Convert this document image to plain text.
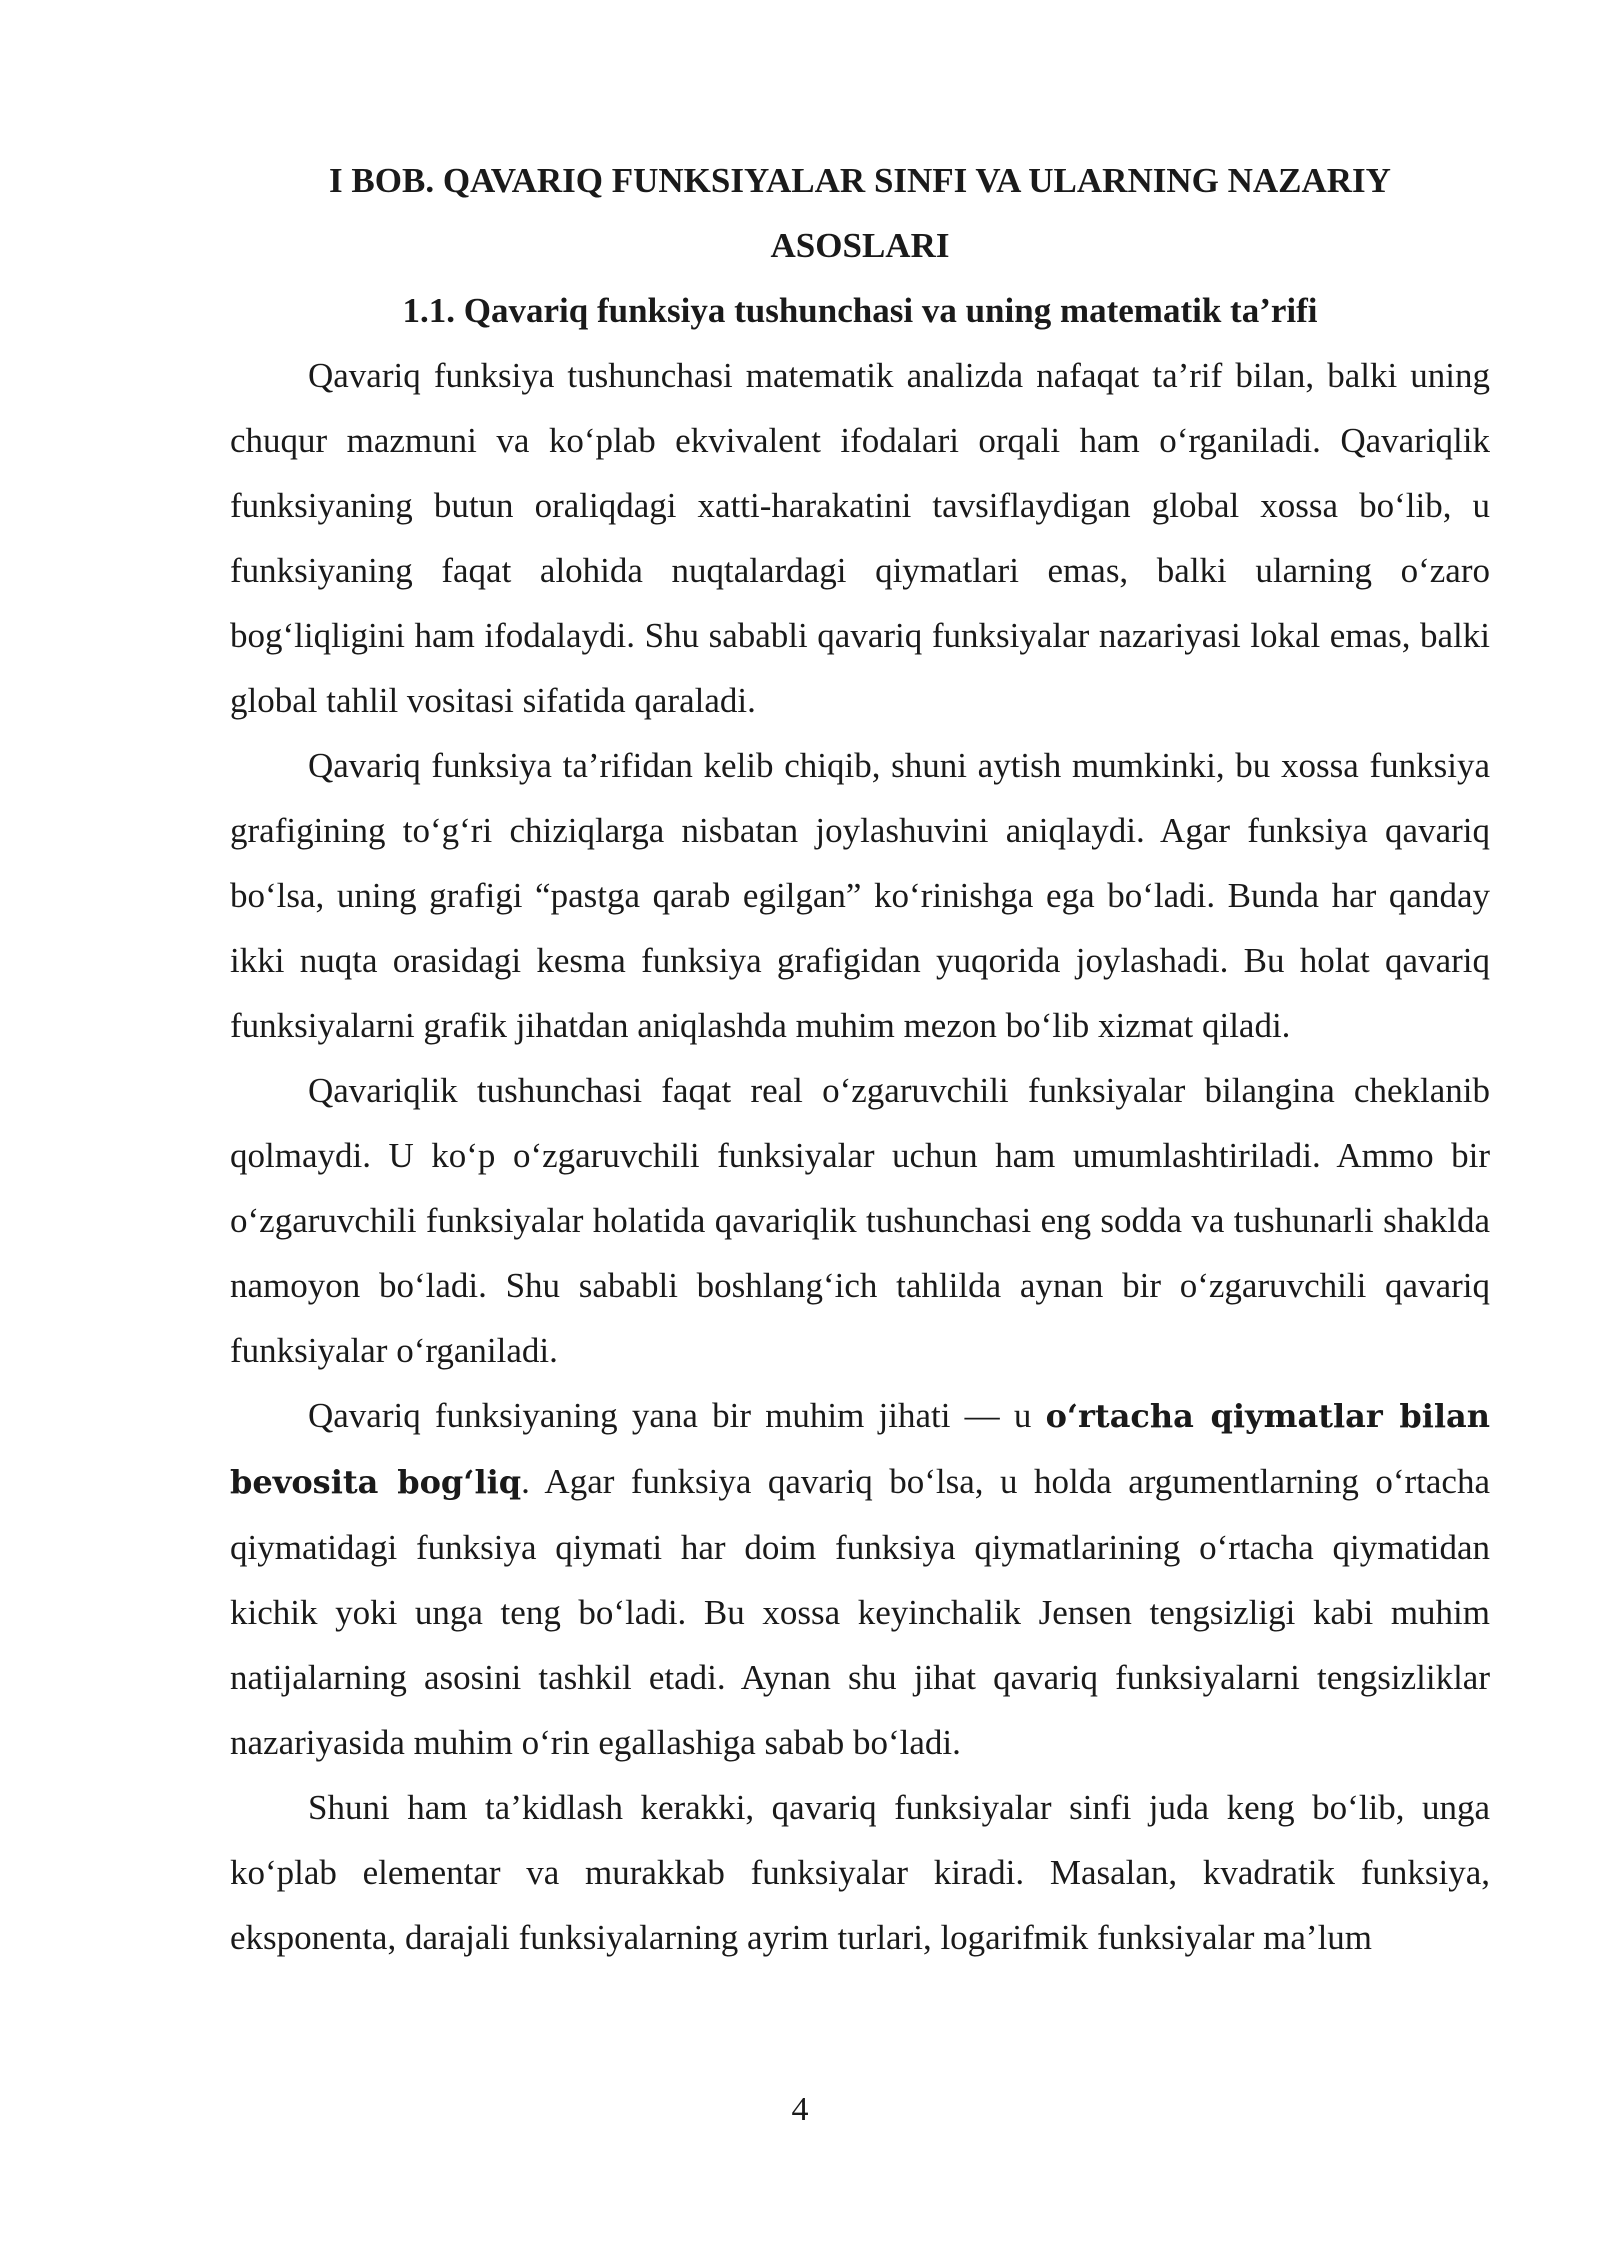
I BOB. QAVARIQ FUNKSIYALAR SINFI VA ULARNING NAZARIY
ASOSLARI

1.1. Qavariq funksiya tushunchasi va uning matematik ta’rifi

Qavariq funksiya tushunchasi matematik analizda nafaqat ta’rif bilan, balki uning chuqur mazmuni va ko‘plab ekvivalent ifodalari orqali ham o‘rganiladi. Qavariqlik funksiyaning butun oraliqdagi xatti-harakatini tavsiflaydigan global xossa bo‘lib, u funksiyaning faqat alohida nuqtalardagi qiymatlari emas, balki ularning o‘zaro bog‘liqligini ham ifodalaydi. Shu sababli qavariq funksiyalar nazariyasi lokal emas, balki global tahlil vositasi sifatida qaraladi.

Qavariq funksiya ta’rifidan kelib chiqib, shuni aytish mumkinki, bu xossa funksiya grafigining to‘g‘ri chiziqlarga nisbatan joylashuvini aniqlaydi. Agar funksiya qavariq bo‘lsa, uning grafigi “pastga qarab egilgan” ko‘rinishga ega bo‘ladi. Bunda har qanday ikki nuqta orasidagi kesma funksiya grafigidan yuqorida joylashadi. Bu holat qavariq funksiyalarni grafik jihatdan aniqlashda muhim mezon bo‘lib xizmat qiladi.

Qavariqlik tushunchasi faqat real o‘zgaruvchili funksiyalar bilangina cheklanib qolmaydi. U ko‘p o‘zgaruvchili funksiyalar uchun ham umumlashtiriladi. Ammo bir o‘zgaruvchili funksiyalar holatida qavariqlik tushunchasi eng sodda va tushunarli shaklda namoyon bo‘ladi. Shu sababli boshlang‘ich tahlilda aynan bir o‘zgaruvchili qavariq funksiyalar o‘rganiladi.

Qavariq funksiyaning yana bir muhim jihati — u o‘rtacha qiymatlar bilan bevosita bog‘liq. Agar funksiya qavariq bo‘lsa, u holda argumentlarning o‘rtacha qiymatidagi funksiya qiymati har doim funksiya qiymatlarining o‘rtacha qiymatidan kichik yoki unga teng bo‘ladi. Bu xossa keyinchalik Jensen tengsizligi kabi muhim natijalarning asosini tashkil etadi. Aynan shu jihat qavariq funksiyalarni tengsizliklar nazariyasida muhim o‘rin egallashiga sabab bo‘ladi.

Shuni ham ta’kidlash kerakki, qavariq funksiyalar sinfi juda keng bo‘lib, unga ko‘plab elementar va murakkab funksiyalar kiradi. Masalan, kvadratik funksiya, eksponenta, darajali funksiyalarning ayrim turlari, logarifmik funksiyalar ma’lum

4
